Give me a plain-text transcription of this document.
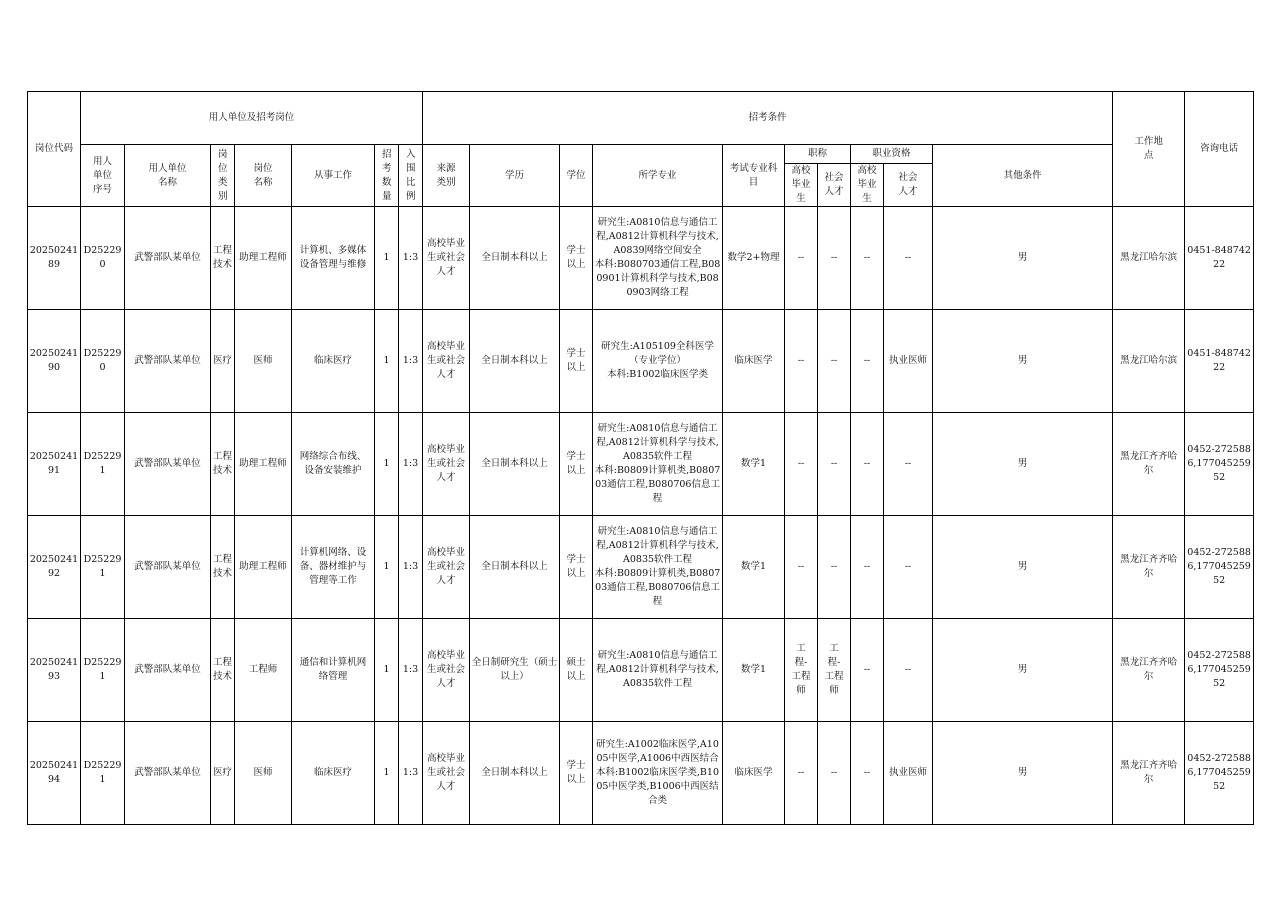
岗位代码	用人单位及招考岗位							招考条件										工作地点	咨询电话
	用人单位序号	用人单位名称	岗位类别	岗位名称	从事工作	招考数量	入围比例	来源类别	学历	学位	所学专业	考试专业科目	职称		职业资格		其他条件		
													高校毕业生	社会人才	高校毕业生	社会人才			
2025024189	D252290	武警部队某单位	工程技术	助理工程师	计算机、多媒体设备管理与维修	1	1:3	高校毕业生或社会人才	全日制本科以上	学士以上	研究生:A0810信息与通信工程,A0812计算机科学与技术,A0839网络空间安全
本科:B080703通信工程,B080901计算机科学与技术,B080903网络工程	数学2+物理	--	--	--	--	男	黑龙江哈尔滨	0451-84874222
2025024190	D252290	武警部队某单位	医疗	医师	临床医疗	1	1:3	高校毕业生或社会人才	全日制本科以上	学士以上	研究生:A105109全科医学（专业学位）
本科:B1002临床医学类	临床医学	--	--	--	执业医师	男	黑龙江哈尔滨	0451-84874222
2025024191	D252291	武警部队某单位	工程技术	助理工程师	网络综合布线、设备安装维护	1	1:3	高校毕业生或社会人才	全日制本科以上	学士以上	研究生:A0810信息与通信工程,A0812计算机科学与技术,A0835软件工程
本科:B0809计算机类,B080703通信工程,B080706信息工程	数学1	--	--	--	--	男	黑龙江齐齐哈尔	0452-2725886,17704525952
2025024192	D252291	武警部队某单位	工程技术	助理工程师	计算机网络、设备、器材维护与管理等工作	1	1:3	高校毕业生或社会人才	全日制本科以上	学士以上	研究生:A0810信息与通信工程,A0812计算机科学与技术,A0835软件工程
本科:B0809计算机类,B080703通信工程,B080706信息工程	数学1	--	--	--	--	男	黑龙江齐齐哈尔	0452-2725886,17704525952
2025024193	D252291	武警部队某单位	工程技术	工程师	通信和计算机网络管理	1	1:3	高校毕业生或社会人才	全日制研究生（硕士以上）	硕士以上	研究生:A0810信息与通信工程,A0812计算机科学与技术,A0835软件工程	数学1	工程-工程师	工程-工程师	--	--	男	黑龙江齐齐哈尔	0452-2725886,17704525952
2025024194	D252291	武警部队某单位	医疗	医师	临床医疗	1	1:3	高校毕业生或社会人才	全日制本科以上	学士以上	研究生:A1002临床医学,A1005中医学,A1006中西医结合
本科:B1002临床医学类,B1005中医学类,B1006中西医结合类	临床医学	--	--	--	执业医师	男	黑龙江齐齐哈尔	0452-2725886,17704525952
